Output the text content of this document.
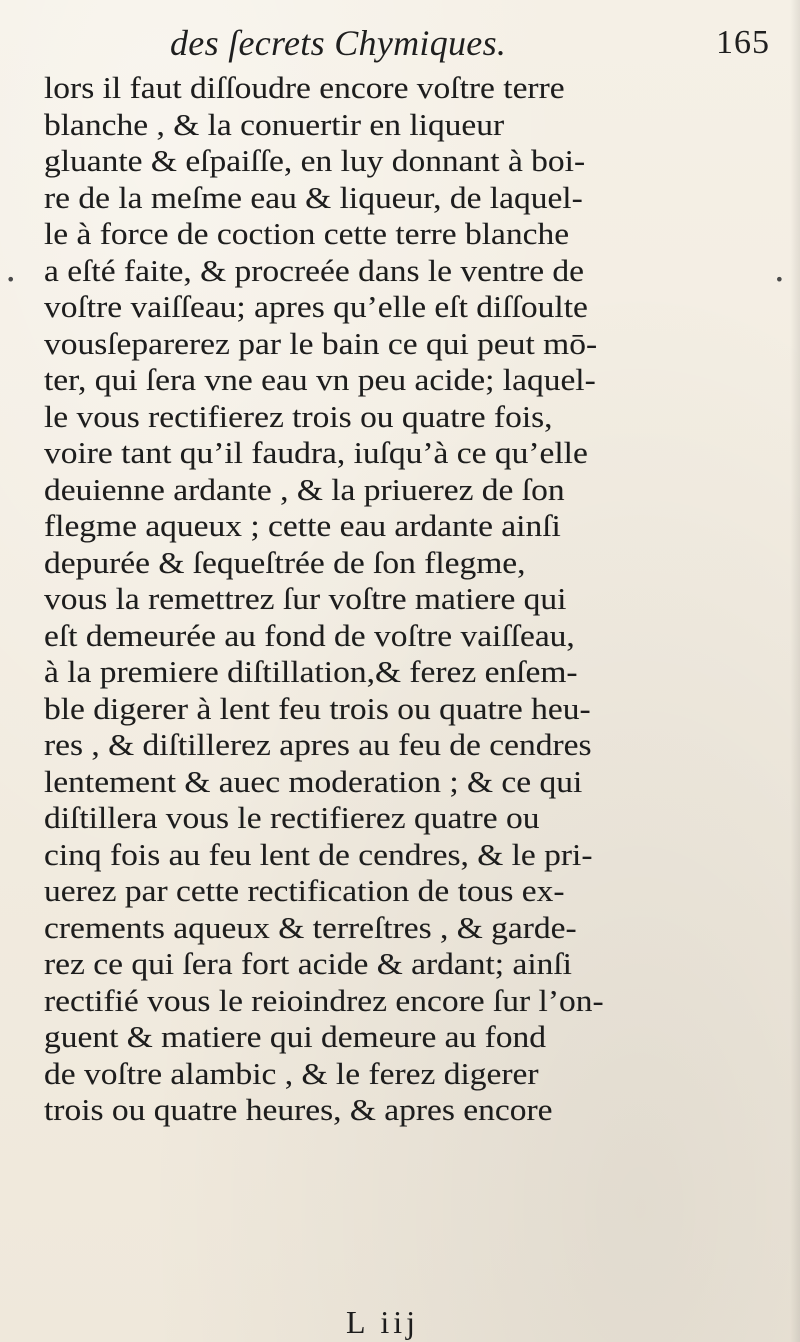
des ſecrets Chymiques.	165
lors il faut diſſoudre encore voſtre terre
blanche , & la conuertir en liqueur
gluante & eſpaiſſe, en luy donnant à boi-
re de la meſme eau & liqueur, de laquel-
le à force de coction cette terre blanche
a eſté faite, & procreée dans le ventre de
voſtre vaiſſeau; apres qu’elle eſt diſſoulte
vousſeparerez par le bain ce qui peut mō-
ter, qui ſera vne eau vn peu acide; laquel-
le vous rectifierez trois ou quatre fois,
voire tant qu’il faudra, iuſqu’à ce qu’elle
deuienne ardante , & la priuerez de ſon
flegme aqueux ; cette eau ardante ainſi
depurée & ſequeſtrée de ſon flegme,
vous la remettrez ſur voſtre matiere qui
eſt demeurée au fond de voſtre vaiſſeau,
à la premiere diſtillation,& ferez enſem-
ble digerer à lent feu trois ou quatre heu-
res , & diſtillerez apres au feu de cendres
lentement & auec moderation ; & ce qui
diſtillera vous le rectifierez quatre ou
cinq fois au feu lent de cendres, & le pri-
uerez par cette rectification de tous ex-
crements aqueux & terreſtres , & garde-
rez ce qui ſera fort acide & ardant; ainſi
rectifié vous le reioindrez encore ſur l’on-
guent & matiere qui demeure au fond
de voſtre alambic , & le ferez digerer
trois ou quatre heures, & apres encore
L iij
•	•
